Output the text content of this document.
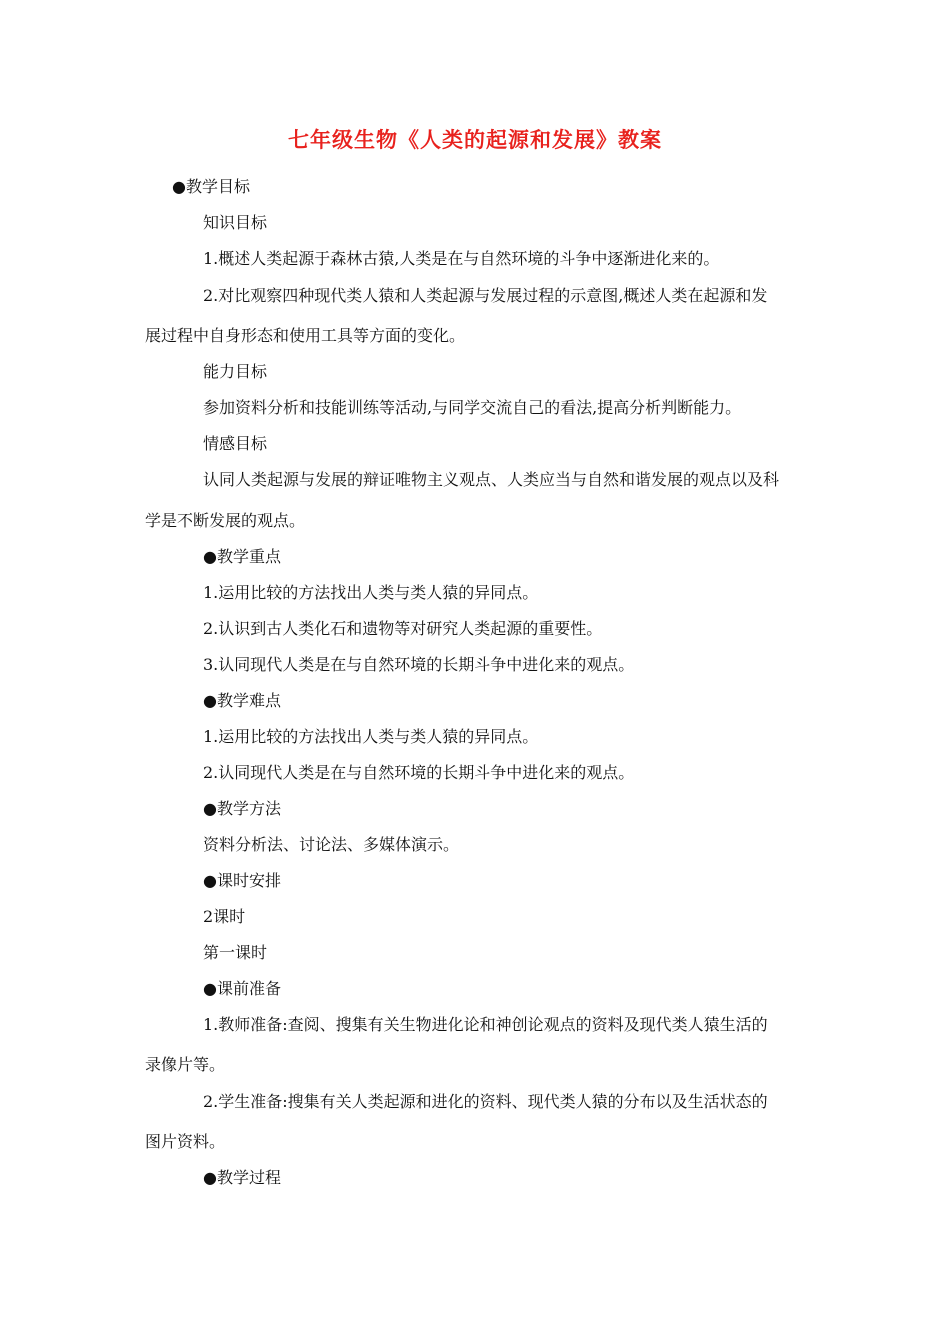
七年级生物《人类的起源和发展》教案
●教学目标
知识目标
1.概述人类起源于森林古猿,人类是在与自然环境的斗争中逐渐进化来的。
2.对比观察四种现代类人猿和人类起源与发展过程的示意图,概述人类在起源和发
展过程中自身形态和使用工具等方面的变化。
能力目标
参加资料分析和技能训练等活动,与同学交流自己的看法,提高分析判断能力。
情感目标
认同人类起源与发展的辩证唯物主义观点、人类应当与自然和谐发展的观点以及科
学是不断发展的观点。
●教学重点
1.运用比较的方法找出人类与类人猿的异同点。
2.认识到古人类化石和遗物等对研究人类起源的重要性。
3.认同现代人类是在与自然环境的长期斗争中进化来的观点。
●教学难点
1.运用比较的方法找出人类与类人猿的异同点。
2.认同现代人类是在与自然环境的长期斗争中进化来的观点。
●教学方法
资料分析法、讨论法、多媒体演示。
●课时安排
2课时
第一课时
●课前准备
1.教师准备:查阅、搜集有关生物进化论和神创论观点的资料及现代类人猿生活的
录像片等。
2.学生准备:搜集有关人类起源和进化的资料、现代类人猿的分布以及生活状态的
图片资料。
●教学过程
